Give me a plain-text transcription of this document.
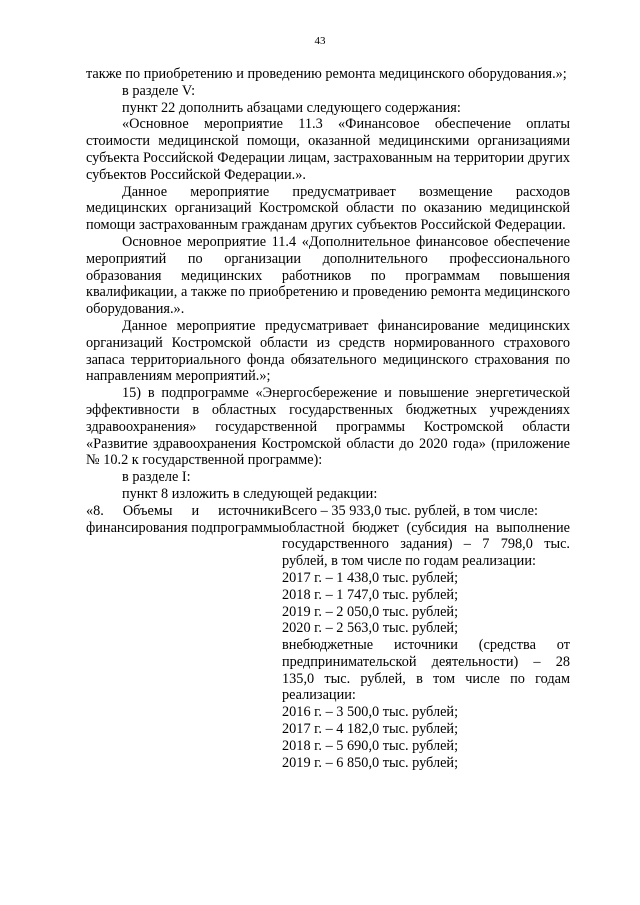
43

также по приобретению и проведению ремонта медицинского оборудования.»;

в разделе V:

пункт 22 дополнить абзацами следующего содержания:

«Основное мероприятие 11.3 «Финансовое обеспечение оплаты стоимости медицинской помощи, оказанной медицинскими организациями субъекта Российской Федерации лицам, застрахованным на территории других субъектов Российской Федерации.».

Данное мероприятие предусматривает возмещение расходов медицинских организаций Костромской области по оказанию медицинской помощи застрахованным гражданам других субъектов Российской Федерации.

Основное мероприятие 11.4 «Дополнительное финансовое обеспечение мероприятий по организации дополнительного профессионального образования медицинских работников по программам повышения квалификации, а также по приобретению и проведению ремонта медицинского оборудования.».

Данное мероприятие предусматривает финансирование медицинских организаций Костромской области из средств нормированного страхового запаса территориального фонда обязательного медицинского страхования по направлениям мероприятий.»;

15) в подпрограмме «Энергосбережение и повышение энергетической эффективности в областных государственных бюджетных учреждениях здравоохранения» государственной программы Костромской области «Развитие здравоохранения Костромской области до 2020 года» (приложение № 10.2 к государственной программе):

в разделе I:

пункт 8 изложить в следующей редакции:

«8. Объемы и источники финансирования подпрограммы
Всего – 35 933,0 тыс. рублей, в том числе:
областной бюджет (субсидия на выполнение государственного задания) – 7 798,0 тыс. рублей, в том числе по годам реализации:
2017 г. – 1 438,0 тыс. рублей;
2018 г. – 1 747,0 тыс. рублей;
2019 г. – 2 050,0 тыс. рублей;
2020 г. – 2 563,0 тыс. рублей;
внебюджетные источники (средства от предпринимательской деятельности) – 28 135,0 тыс. рублей, в том числе по годам реализации:
2016 г. – 3 500,0 тыс. рублей;
2017 г. – 4 182,0 тыс. рублей;
2018 г. – 5 690,0 тыс. рублей;
2019 г. – 6 850,0 тыс. рублей;
